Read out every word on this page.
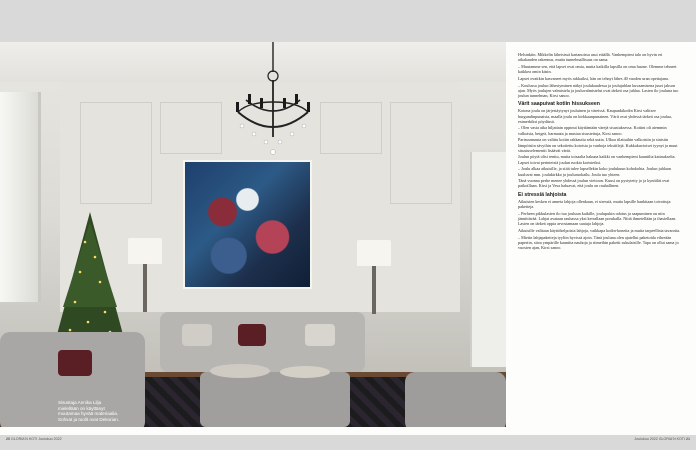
Sisustaja Annika Lilja mielellään on käyttänyt muutamaa hyvää materiaalia. Sohvat ja tuolit ovat Dekorian.

Helsinkiin. Mikkelin läheisissä kartanoissa asui etäällä. Vanhempieni talo on hyvin eri aikakauden rakennus, mutta tunnelmallisuus on sama.

– Muutamme sen, että lapset ovat omia, mutta kaikilla lapsilla on oma huone. Olemme tehneet kaikkea omin käsin.

Lapset ovattkin kasvaneet myös rakkaiksi, hän on tehnyt lähes 40 vuoden uran opettajana.

– Koulussa joulun lähestyminen näkyi joulukaudessa ja joulujuhlan kuvaamisena juuri jakson ajan. Myös joulujen valmistelu ja jouluvalmistelut ovat tärkeä osa juhlaa. Lasten ilo jouluna tuo joulun tunnelman, Kirsi sanoo.

Värit saapuivat kotiin hissukseen

Kotona joulu on järjestäytynyt jouluinen ja väreissä. Kaupunkikodin Kirsi valitsee burgundinpunaista, maalla joulu on kirkkaanpunainen. Värit ovat yhdessä tärkeä osa joulua, esimerkiksi pöydässä.

– Olen vasta aika hiljattain oppinut käyttämään värejä sisustuksessa. Kotiini oli aiemmin valkoista, beigeä, harmaata ja mustaa sisustettuja, Kirsi sanoo.

Parisuunnasta on valittu kotiin rakkautta sekä uutta. Ulkoa tilattuihin valkoisiin ja sinisiin lämpöisiin sävyihin on sekoitettu kotoisia ja vanhoja tekstiilejä. Kukkakuvioiset tyynyt ja muut sisustuselementit lisäävät väriä.

Joulun pöytä olisi renttu, mutta toisaalta hakuna kaikki on vanhempieni kauniilta kattaukselta. Lapset toivat perinteisiä joulun ruokia koristeiksi.

– Joulu alkaa aikuisille, ja siitä tulee lapsellekin koko joulukuun kohokohta. Joulun juhlaan kuuluvat mm. joulukirkko ja jouluruokailu. Joulu tuo yhteen.

Tänä vuonna perhe menee yhdessä joulun viettoon. Kuusi on pystytetty jo ja kynttilät ovat paikoillaan. Kirsi ja Vesa haluavat, että joulu on rauhallinen.

Ei stressiä lahjoista

Aikuisten kesken ei anneta lahjoja ollenkaan, ei stressiä, mutta lapsille hankitaan toivottuja paketteja.

– Perheen pikkulasten ilo tuo jouluun kaikille, joulupukin odotus ja saapuminen on niin jännittävää. Lahjat avataan rauhassa yksi kerrallaan porukalla. Niitä ihmetellään ja ihastellaan. Lasten on tärkeä oppia arvostamaan saatuja lahjoja.

Aikuisille valitaan käyttökelpoisia lahjoja, vaikkapa kodin-koneita ja muita tarpeellisia tavaroita.

– Mietin lahjapaketteja tyyliin hyvissä ajoin. Tänä jouluna olen ajatellut paketoida vihreään paperiin, sitoa ympärille kauniita nauhoja ja riimeihin paketit sukulaisille. Tapa on ollut sama jo vuosien ajan, Kirsi sanoo.

20 GLORIA'N KOTI Joulukuu 2022	Joulukuu 2022 GLORIA'N KOTI 21
